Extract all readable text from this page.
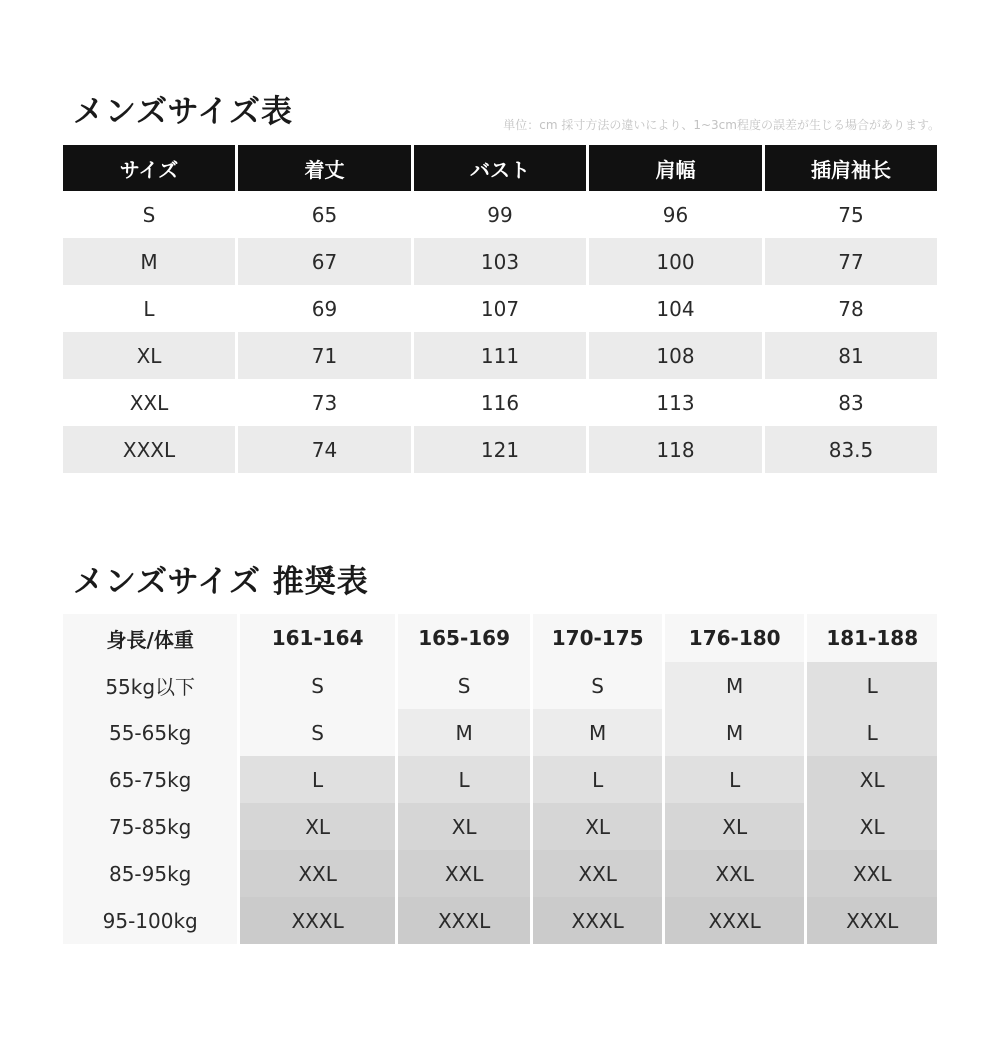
メンズサイズ表	単位：cm 採寸方法の違いにより、1~3cm程度の誤差が生じる場合があります。
サイズ	着丈	バスト	肩幅	插肩袖长
S	65	99	96	75
M	67	103	100	77
L	69	107	104	78
XL	71	111	108	81
XXL	73	116	113	83
XXXL	74	121	118	83.5
メンズサイズ 推奨表
身長/体重	161-164	165-169	170-175	176-180	181-188
55kg以下	S	S	S	M	L
55-65kg	S	M	M	M	L
65-75kg	L	L	L	L	XL
75-85kg	XL	XL	XL	XL	XL
85-95kg	XXL	XXL	XXL	XXL	XXL
95-100kg	XXXL	XXXL	XXXL	XXXL	XXXL
